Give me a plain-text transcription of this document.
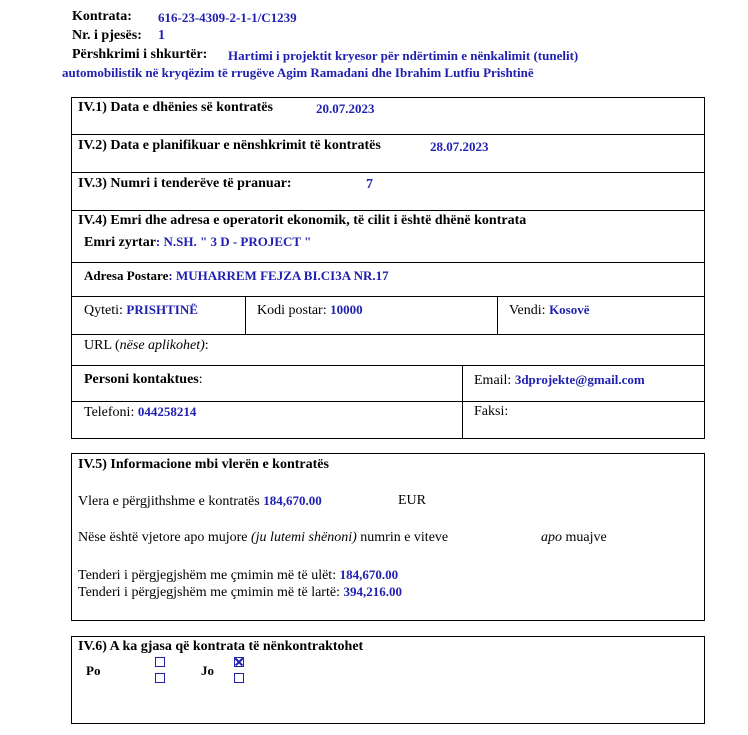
Kontrata: 616-23-4309-2-1-1/C1239
Nr. i pjesës: 1
Përshkrimi i shkurtër: Hartimi i projektit kryesor për ndërtimin e nënkalimit (tunelit)
automobilistik në kryqëzim të rrugëve Agim Ramadani dhe Ibrahim Lutfiu Prishtinë
IV.1) Data e dhënies së kontratës	20.07.2023
IV.2) Data e planifikuar e nënshkrimit të kontratës	28.07.2023
IV.3) Numri i tenderëve të pranuar:	7
IV.4) Emri dhe adresa e operatorit ekonomik, të cilit i është dhënë kontrata
Emri zyrtar: N.SH. " 3 D - PROJECT "
Adresa Postare: MUHARREM FEJZA BI.CI3A NR.17
Qyteti: PRISHTINË	Kodi postar: 10000	Vendi: Kosovë
URL (nëse aplikohet):
Personi kontaktues:	Email: 3dprojekte@gmail.com
Telefoni: 044258214	Faksi:
IV.5) Informacione mbi vlerën e kontratës
Vlera e përgjithshme e kontratës 184,670.00	EUR
Nëse është vjetore apo mujore (ju lutemi shënoni) numrin e viteve	apo muajve
Tenderi i përgjegjshëm me çmimin më të ulët: 184,670.00
Tenderi i përgjegjshëm me çmimin më të lartë: 394,216.00
IV.6) A ka gjasa që kontrata të nënkontraktohet
Po	Jo
